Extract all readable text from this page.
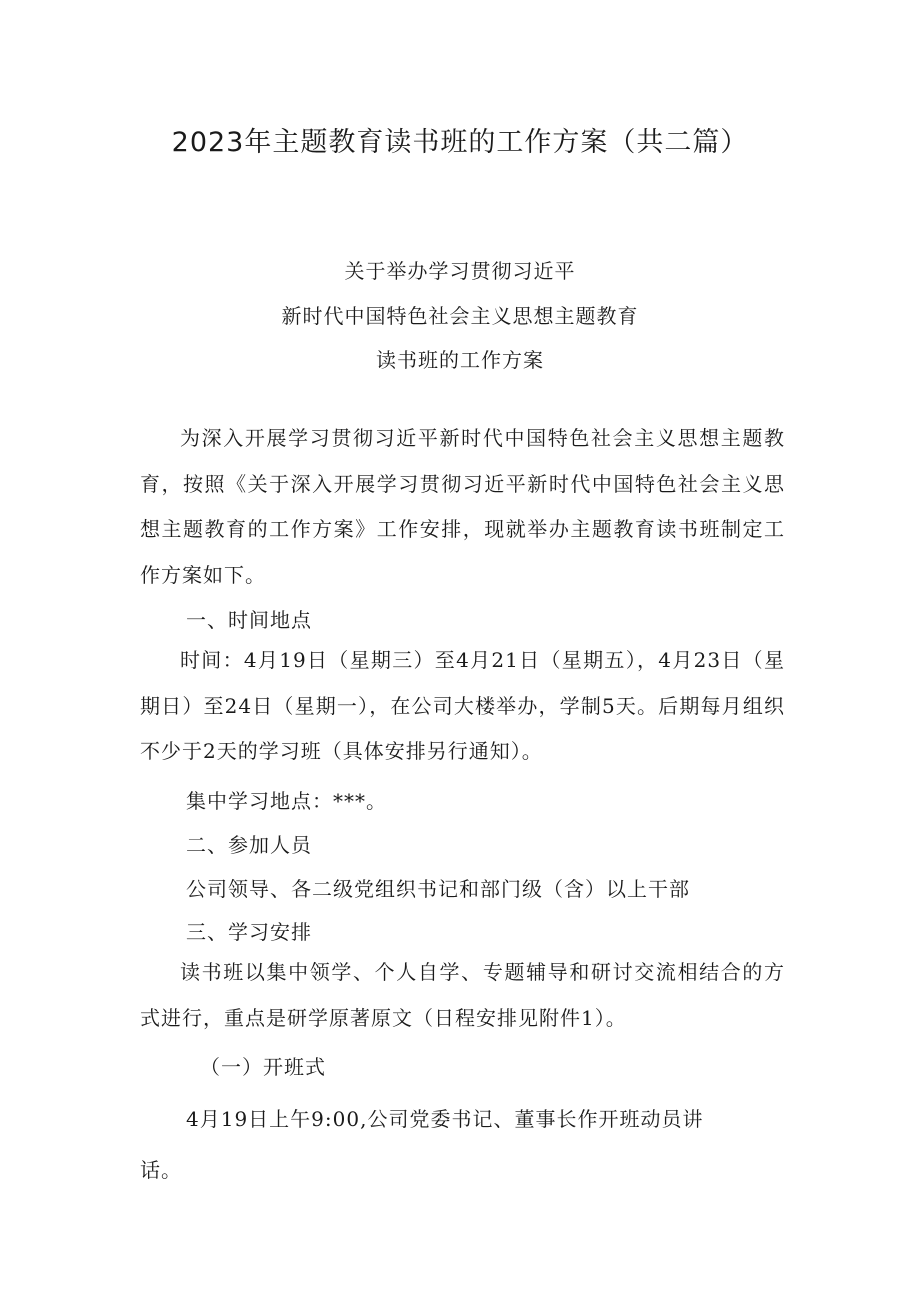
2023年主题教育读书班的工作方案（共二篇）

关于举办学习贯彻习近平

新时代中国特色社会主义思想主题教育

读书班的工作方案

为深入开展学习贯彻习近平新时代中国特色社会主义思想主题教育，按照《关于深入开展学习贯彻习近平新时代中国特色社会主义思想主题教育的工作方案》工作安排，现就举办主题教育读书班制定工作方案如下。

一、时间地点

时间：4月19日（星期三）至4月21日（星期五），4月23日（星期日）至24日（星期一），在公司大楼举办，学制5天。后期每月组织不少于2天的学习班（具体安排另行通知）。

集中学习地点：***。

二、参加人员

公司领导、各二级党组织书记和部门级（含）以上干部

三、学习安排

读书班以集中领学、个人自学、专题辅导和研讨交流相结合的方式进行，重点是研学原著原文（日程安排见附件1）。

（一）开班式

4月19日上午9:00,公司党委书记、董事长作开班动员讲

话。
